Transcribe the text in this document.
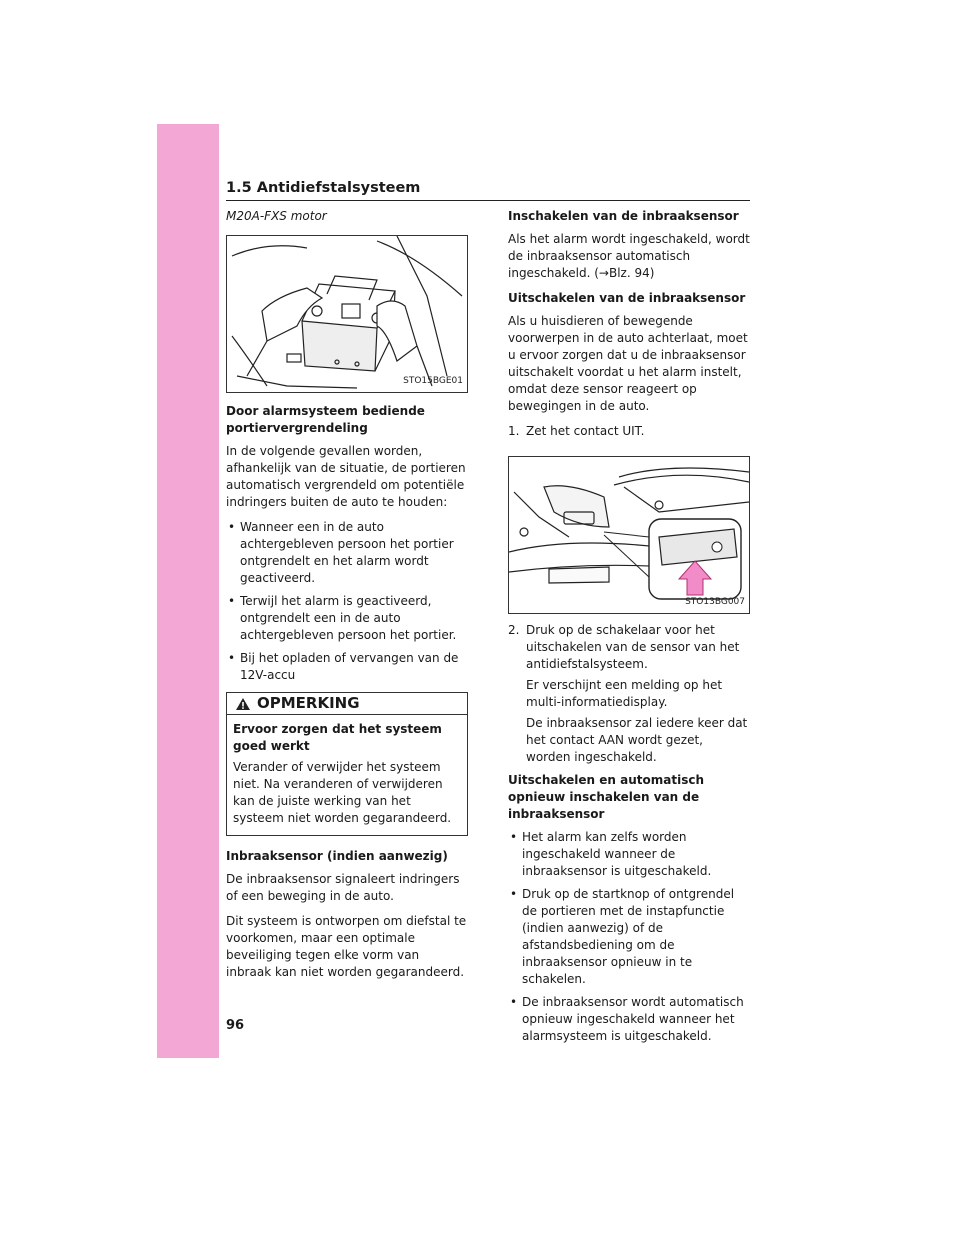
1.5 Antidiefstalsysteem

M20A-FXS motor

STO15BGE01

Door alarmsysteem bediende
portiervergrendeling

In de volgende gevallen worden, afhankelijk van de situatie, de portieren automatisch vergrendeld om potentiële indringers buiten de auto te houden:

• Wanneer een in de auto achtergebleven persoon het portier ontgrendelt en het alarm wordt geactiveerd.
• Terwijl het alarm is geactiveerd, ontgrendelt een in de auto achtergebleven persoon het portier.
• Bij het opladen of vervangen van de 12V-accu
OPMERKING

Ervoor zorgen dat het systeem goed werkt

Verander of verwijder het systeem niet. Na veranderen of verwijderen kan de juiste werking van het systeem niet worden gegarandeerd.

Inbraaksensor (indien aanwezig)

De inbraaksensor signaleert indringers of een beweging in de auto.

Dit systeem is ontworpen om diefstal te voorkomen, maar een optimale beveiliging tegen elke vorm van inbraak kan niet worden gegarandeerd.

Inschakelen van de inbraaksensor

Als het alarm wordt ingeschakeld, wordt de inbraaksensor automatisch ingeschakeld. (→Blz. 94)

Uitschakelen van de inbraaksensor

Als u huisdieren of bewegende voorwerpen in de auto achterlaat, moet u ervoor zorgen dat u de inbraaksensor uitschakelt voordat u het alarm instelt, omdat deze sensor reageert op bewegingen in de auto.

1. Zet het contact UIT.

STO13BG007
2. Druk op de schakelaar voor het uitschakelen van de sensor van het antidiefstalsysteem.

Er verschijnt een melding op het multi-informatiedisplay.

De inbraaksensor zal iedere keer dat het contact AAN wordt gezet, worden ingeschakeld.

Uitschakelen en automatisch opnieuw inschakelen van de inbraaksensor

• Het alarm kan zelfs worden ingeschakeld wanneer de inbraaksensor is uitgeschakeld.
• Druk op de startknop of ontgrendel de portieren met de instapfunctie (indien aanwezig) of de afstandsbediening om de inbraaksensor opnieuw in te schakelen.
• De inbraaksensor wordt automatisch opnieuw ingeschakeld wanneer het alarmsysteem is uitgeschakeld.
96
